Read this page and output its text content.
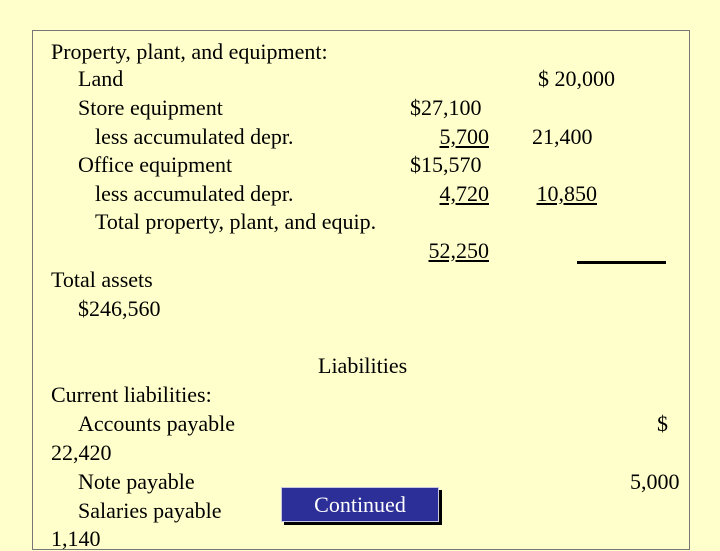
Property, plant, and equipment:
Land	$ 20,000
Store equipment	$27,100
less accumulated depr.	5,700 21,400
Office equipment	$15,570
less accumulated depr.	4,720	10,850
Total property, plant, and equip.
52,250
Total assets
$246,560
Liabilities
Current liabilities:
Accounts payable	$
22,420
Note payable	5,000
Salaries payable
1,140
Continued
